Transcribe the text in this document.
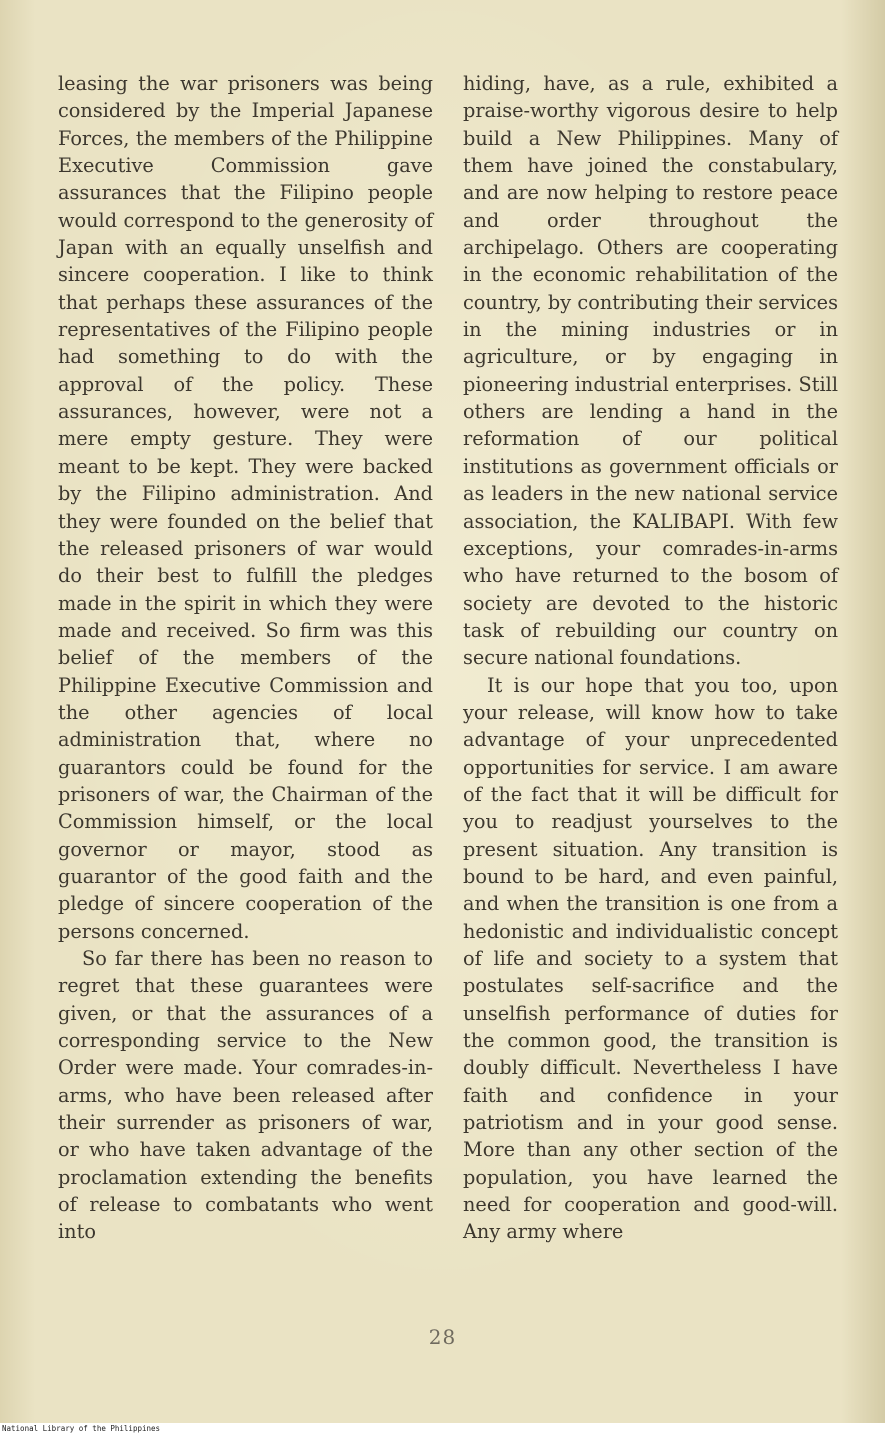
leasing the war prisoners was being considered by the Imperial Japanese Forces, the members of the Philippine Executive Commission gave assurances that the Filipino people would correspond to the generosity of Japan with an equally unselfish and sincere cooperation. I like to think that perhaps these assurances of the representatives of the Filipino people had something to do with the approval of the policy. These assurances, however, were not a mere empty gesture. They were meant to be kept. They were backed by the Filipino administration. And they were founded on the belief that the released prisoners of war would do their best to fulfill the pledges made in the spirit in which they were made and received. So firm was this belief of the members of the Philippine Executive Commission and the other agencies of local administration that, where no guarantors could be found for the prisoners of war, the Chairman of the Commission himself, or the local governor or mayor, stood as guarantor of the good faith and the pledge of sincere cooperation of the persons concerned.

So far there has been no reason to regret that these guarantees were given, or that the assurances of a corresponding service to the New Order were made. Your comrades-in-arms, who have been released after their surrender as prisoners of war, or who have taken advantage of the proclamation extending the benefits of release to combatants who went into

hiding, have, as a rule, exhibited a praise-worthy vigorous desire to help build a New Philippines. Many of them have joined the constabulary, and are now helping to restore peace and order throughout the archipelago. Others are cooperating in the economic rehabilitation of the country, by contributing their services in the mining industries or in agriculture, or by engaging in pioneering industrial enterprises. Still others are lending a hand in the reformation of our political institutions as government officials or as leaders in the new national service association, the KALIBAPI. With few exceptions, your comrades-in-arms who have returned to the bosom of society are devoted to the historic task of rebuilding our country on secure national foundations.

It is our hope that you too, upon your release, will know how to take advantage of your unprecedented opportunities for service. I am aware of the fact that it will be difficult for you to readjust yourselves to the present situation. Any transition is bound to be hard, and even painful, and when the transition is one from a hedonistic and individualistic concept of life and society to a system that postulates self-sacrifice and the unselfish performance of duties for the common good, the transition is doubly difficult. Nevertheless I have faith and confidence in your patriotism and in your good sense. More than any other section of the population, you have learned the need for cooperation and good-will. Any army where

28
National Library of the Philippines
